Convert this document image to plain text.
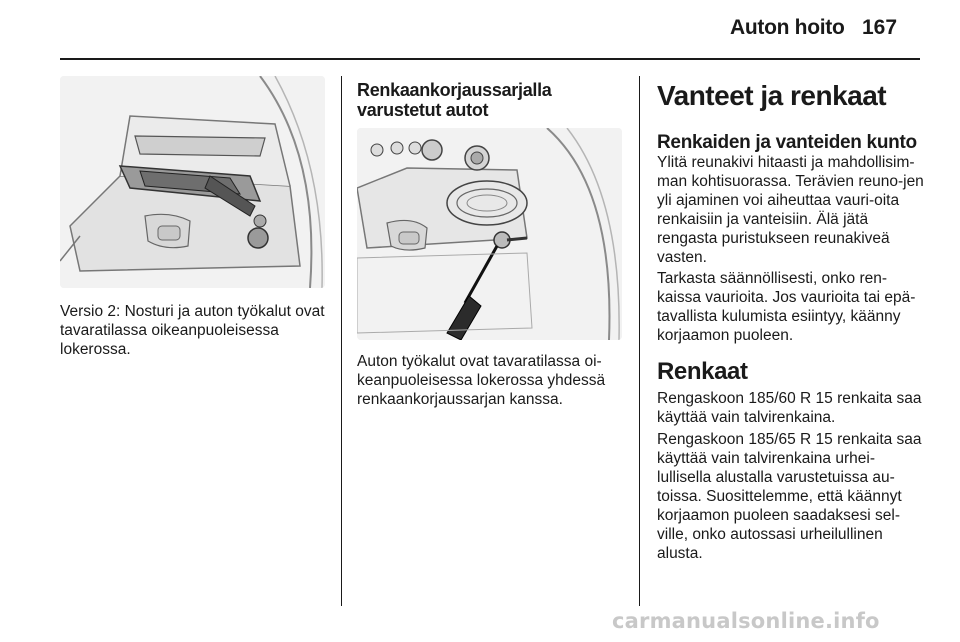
Auton hoito 167
Versio 2: Nosturi ja auton työkalut ovat tavaratilassa oikeanpuoleisessa lokerossa.
Renkaankorjaussarjalla varustetut autot
Auton työkalut ovat tavaratilassa oi-keanpuoleisessa lokerossa yhdessä renkaankorjaussarjan kanssa.
Vanteet ja renkaat
Renkaiden ja vanteiden kunto
Ylitä reunakivi hitaasti ja mahdollisim-man kohtisuorassa. Terävien reuno-jen yli ajaminen voi aiheuttaa vauri-oita renkaisiin ja vanteisiin. Älä jätä rengasta puristukseen reunakiveä vasten.
Tarkasta säännöllisesti, onko ren-kaissa vaurioita. Jos vaurioita tai epä-tavallista kulumista esiintyy, käänny korjaamon puoleen.
Renkaat
Rengaskoon 185/60 R 15 renkaita saa käyttää vain talvirenkaina.
Rengaskoon 185/65 R 15 renkaita saa käyttää vain talvirenkaina urhei-lullisella alustalla varustetuissa au-toissa. Suosittelemme, että käännyt korjaamon puoleen saadaksesi sel-ville, onko autossasi urheilullinen alusta.
carmanualsonline.info
